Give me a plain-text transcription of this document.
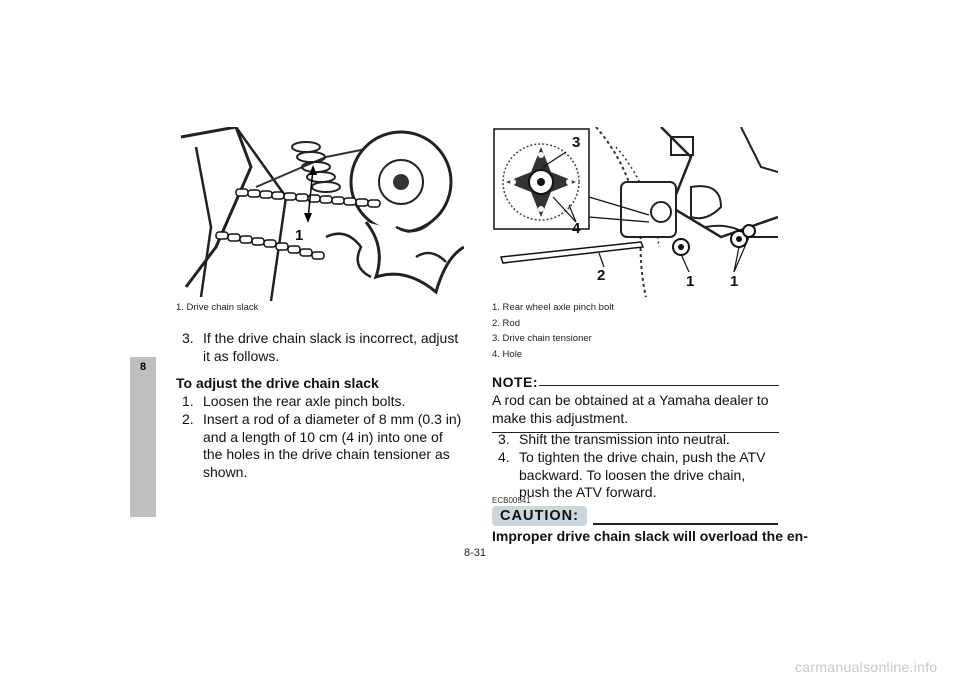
8
1
1. Drive chain slack
3. If the drive chain slack is incorrect, adjust it as follows.
To adjust the drive chain slack
1. Loosen the rear axle pinch bolts.
2. Insert a rod of a diameter of 8 mm (0.3 in) and a length of 10 cm (4 in) into one of the holes in the drive chain tensioner as shown.
3
4
2	1 1
1. Rear wheel axle pinch bolt
2. Rod
3. Drive chain tensioner
4. Hole
NOTE:
A rod can be obtained at a Yamaha dealer to make this adjustment.
3. Shift the transmission into neutral.
4. To tighten the drive chain, push the ATV backward. To loosen the drive chain, push the ATV forward.
ECB00541
CAUTION:
Improper drive chain slack will overload the en-
8-31
carmanualsonline.info
